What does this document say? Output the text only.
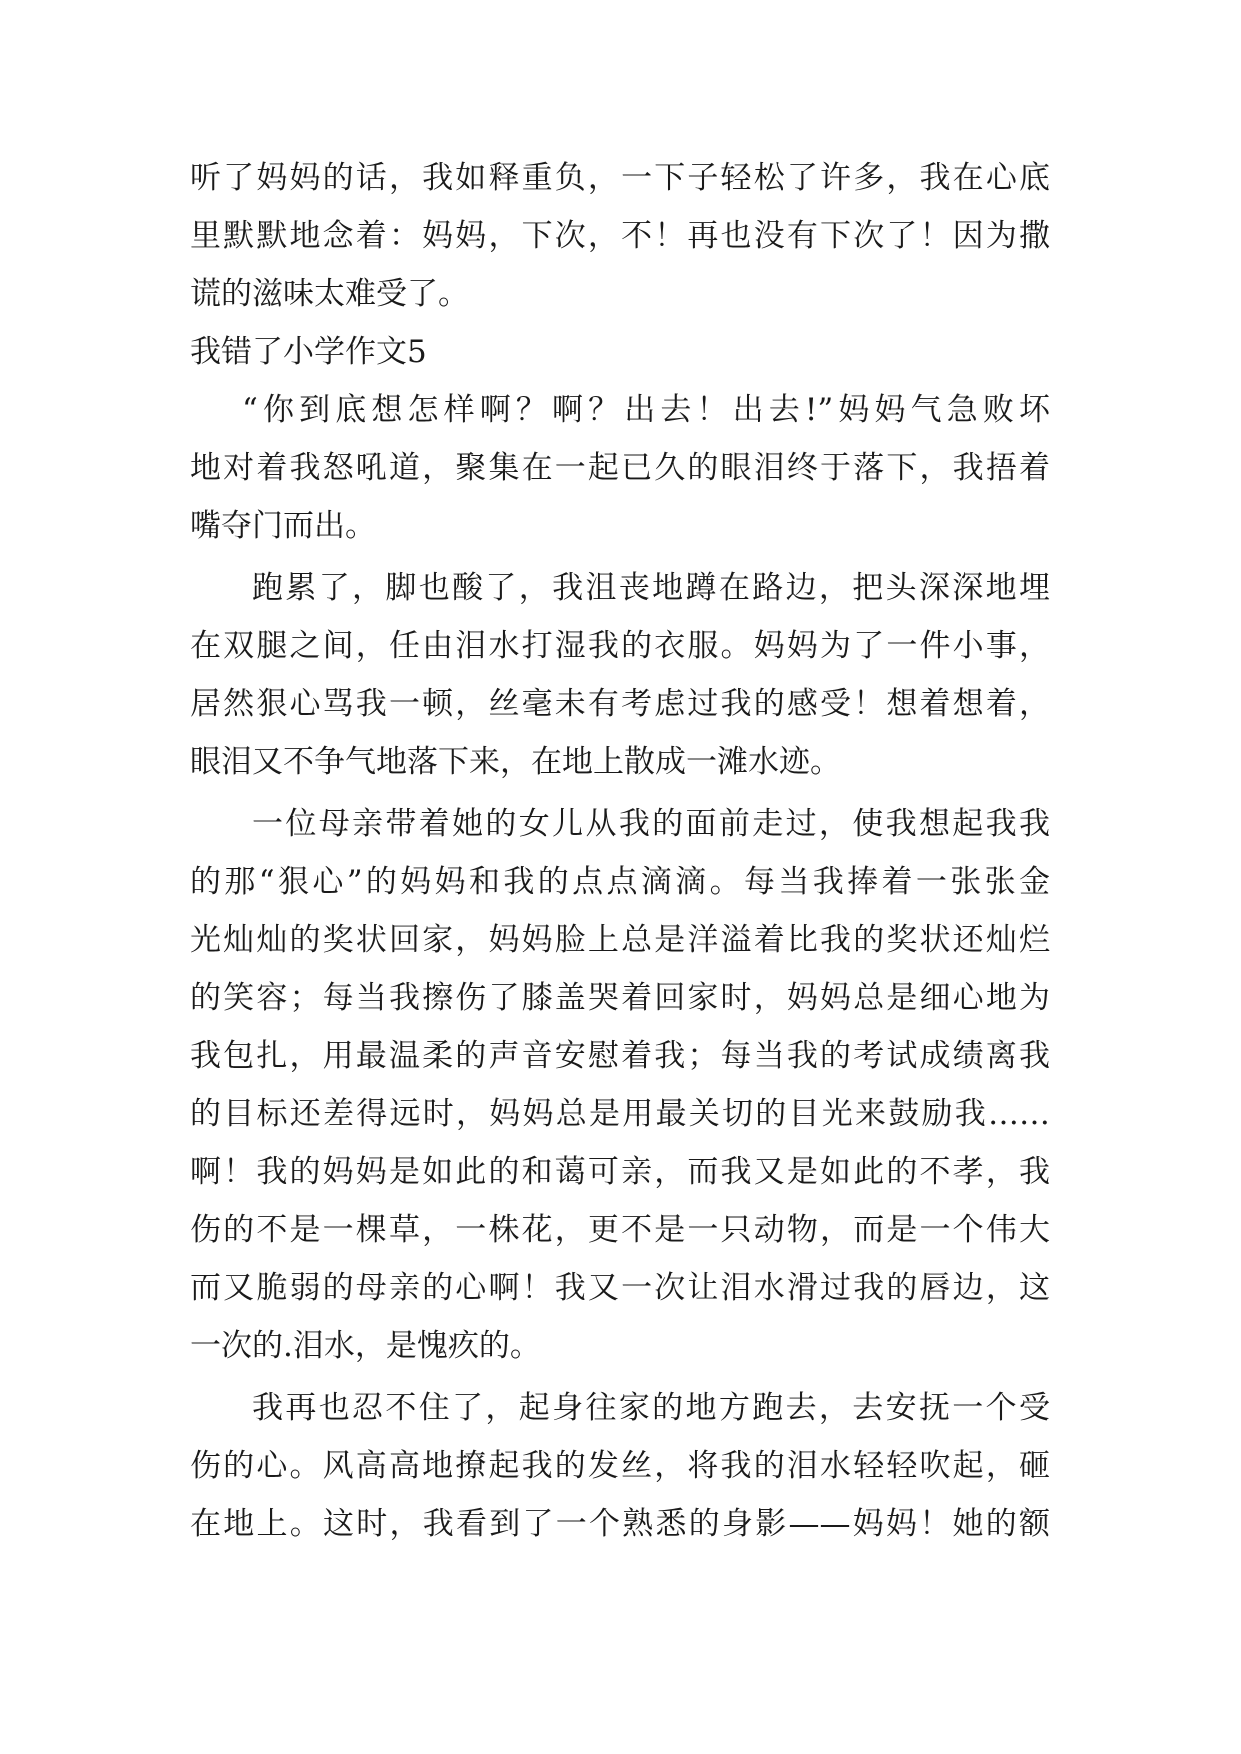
听了妈妈的话，我如释重负，一下子轻松了许多，我在心底
里默默地念着：妈妈，下次，不！再也没有下次了！因为撒
谎的滋味太难受了。
我错了小学作文5
“你到底想怎样啊？啊？出去！出去!”妈妈气急败坏
地对着我怒吼道，聚集在一起已久的眼泪终于落下，我捂着
嘴夺门而出。
跑累了，脚也酸了，我沮丧地蹲在路边，把头深深地埋
在双腿之间，任由泪水打湿我的衣服。妈妈为了一件小事，
居然狠心骂我一顿，丝毫未有考虑过我的感受！想着想着，
眼泪又不争气地落下来，在地上散成一滩水迹。
一位母亲带着她的女儿从我的面前走过，使我想起我我
的那“狠心”的妈妈和我的点点滴滴。每当我捧着一张张金
光灿灿的奖状回家，妈妈脸上总是洋溢着比我的奖状还灿烂
的笑容；每当我擦伤了膝盖哭着回家时，妈妈总是细心地为
我包扎，用最温柔的声音安慰着我；每当我的考试成绩离我
的目标还差得远时，妈妈总是用最关切的目光来鼓励我……
啊！我的妈妈是如此的和蔼可亲，而我又是如此的不孝，我
伤的不是一棵草，一株花，更不是一只动物，而是一个伟大
而又脆弱的母亲的心啊！我又一次让泪水滑过我的唇边，这
一次的.泪水，是愧疚的。
我再也忍不住了，起身往家的地方跑去，去安抚一个受
伤的心。风高高地撩起我的发丝，将我的泪水轻轻吹起，砸
在地上。这时，我看到了一个熟悉的身影——妈妈！她的额
